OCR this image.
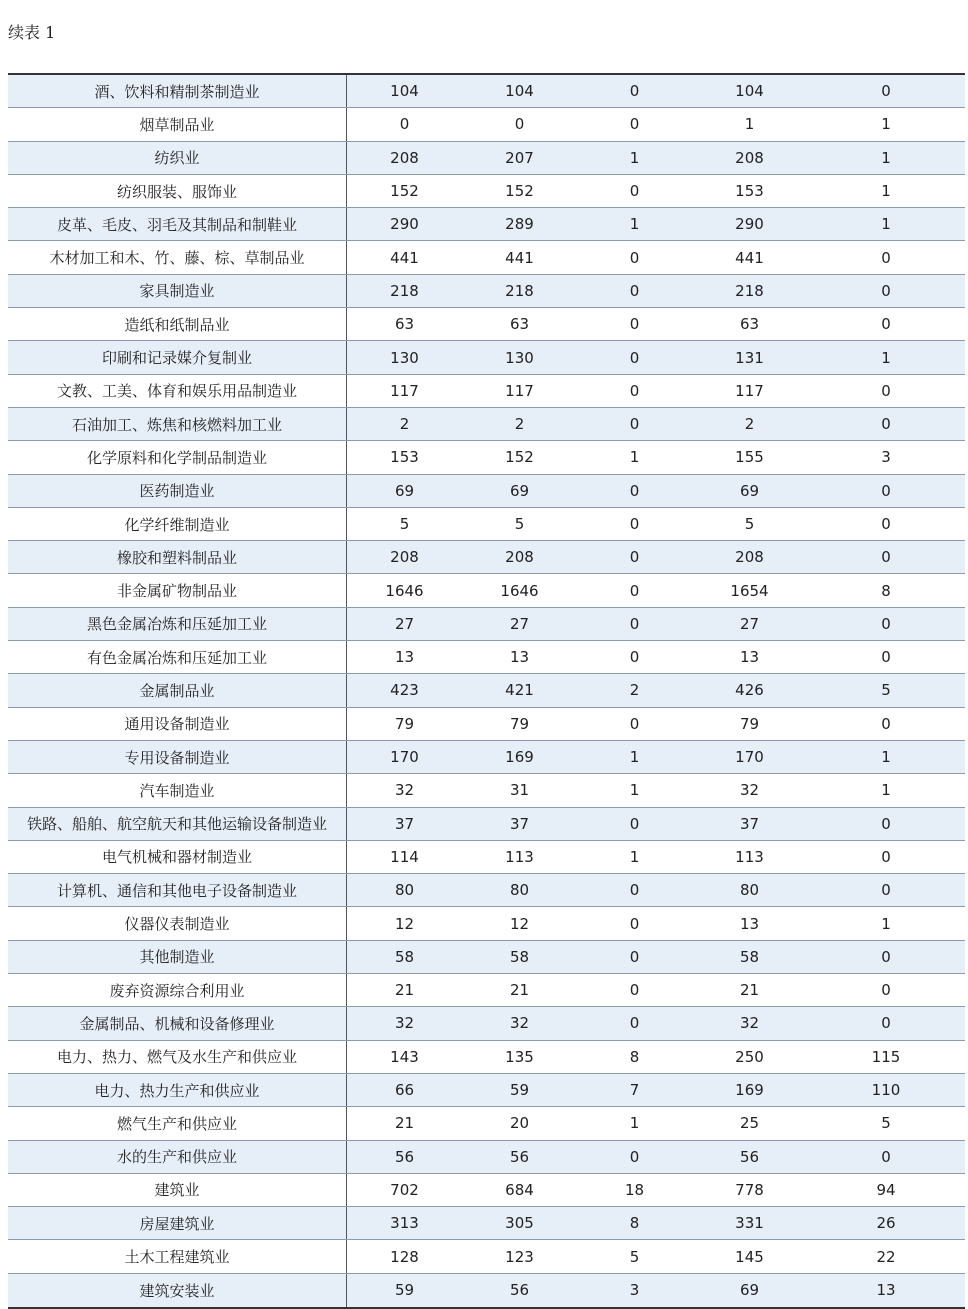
续表 1
酒、饮料和精制茶制造业	104	104	0	104	0
烟草制品业	0	0	0	1	1
纺织业	208	207	1	208	1
纺织服装、服饰业	152	152	0	153	1
皮革、毛皮、羽毛及其制品和制鞋业	290	289	1	290	1
木材加工和木、竹、藤、棕、草制品业	441	441	0	441	0
家具制造业	218	218	0	218	0
造纸和纸制品业	63	63	0	63	0
印刷和记录媒介复制业	130	130	0	131	1
文教、工美、体育和娱乐用品制造业	117	117	0	117	0
石油加工、炼焦和核燃料加工业	2	2	0	2	0
化学原料和化学制品制造业	153	152	1	155	3
医药制造业	69	69	0	69	0
化学纤维制造业	5	5	0	5	0
橡胶和塑料制品业	208	208	0	208	0
非金属矿物制品业	1646	1646	0	1654	8
黑色金属冶炼和压延加工业	27	27	0	27	0
有色金属冶炼和压延加工业	13	13	0	13	0
金属制品业	423	421	2	426	5
通用设备制造业	79	79	0	79	0
专用设备制造业	170	169	1	170	1
汽车制造业	32	31	1	32	1
铁路、船舶、航空航天和其他运输设备制造业	37	37	0	37	0
电气机械和器材制造业	114	113	1	113	0
计算机、通信和其他电子设备制造业	80	80	0	80	0
仪器仪表制造业	12	12	0	13	1
其他制造业	58	58	0	58	0
废弃资源综合利用业	21	21	0	21	0
金属制品、机械和设备修理业	32	32	0	32	0
电力、热力、燃气及水生产和供应业	143	135	8	250	115
电力、热力生产和供应业	66	59	7	169	110
燃气生产和供应业	21	20	1	25	5
水的生产和供应业	56	56	0	56	0
建筑业	702	684	18	778	94
房屋建筑业	313	305	8	331	26
土木工程建筑业	128	123	5	145	22
建筑安装业	59	56	3	69	13
